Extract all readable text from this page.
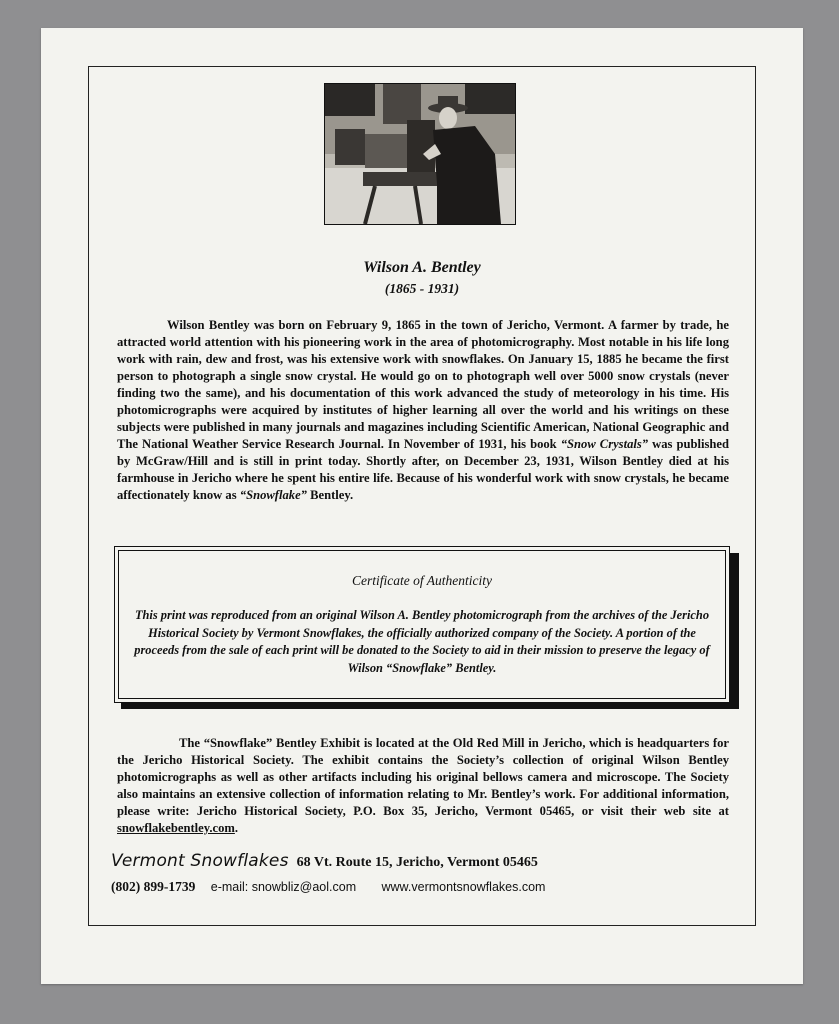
Wilson A. Bentley
(1865 - 1931)

Wilson Bentley was born on February 9, 1865 in the town of Jericho, Vermont. A farmer by trade, he attracted world attention with his pioneering work in the area of photomicrography. Most notable in his life long work with rain, dew and frost, was his extensive work with snowflakes. On January 15, 1885 he became the first person to photograph a single snow crystal. He would go on to photograph well over 5000 snow crystals (never finding two the same), and his documentation of this work advanced the study of meteorology in his time. His photomicrographs were acquired by institutes of higher learning all over the world and his writings on these subjects were published in many journals and magazines including Scientific American, National Geographic and The National Weather Service Research Journal. In November of 1931, his book “Snow Crystals” was published by McGraw/Hill and is still in print today. Shortly after, on December 23, 1931, Wilson Bentley died at his farmhouse in Jericho where he spent his entire life. Because of his wonderful work with snow crystals, he became affectionately know as “Snowflake” Bentley.

Certificate of Authenticity

This print was reproduced from an original Wilson A. Bentley photomicrograph from the archives of the Jericho Historical Society by Vermont Snowflakes, the officially authorized company of the Society. A portion of the proceeds from the sale of each print will be donated to the Society to aid in their mission to preserve the legacy of Wilson “Snowflake” Bentley.

The “Snowflake” Bentley Exhibit is located at the Old Red Mill in Jericho, which is headquarters for the Jericho Historical Society. The exhibit contains the Society’s collection of original Wilson Bentley photomicrographs as well as other artifacts including his original bellows camera and microscope. The Society also maintains an extensive collection of information relating to Mr. Bentley’s work. For additional information, please write: Jericho Historical Society, P.O. Box 35, Jericho, Vermont 05465, or visit their web site at snowflakebentley.com.

Vermont Snowflakes 68 Vt. Route 15, Jericho, Vermont 05465
(802) 899-1739 e-mail: snowbliz@aol.com www.vermontsnowflakes.com
